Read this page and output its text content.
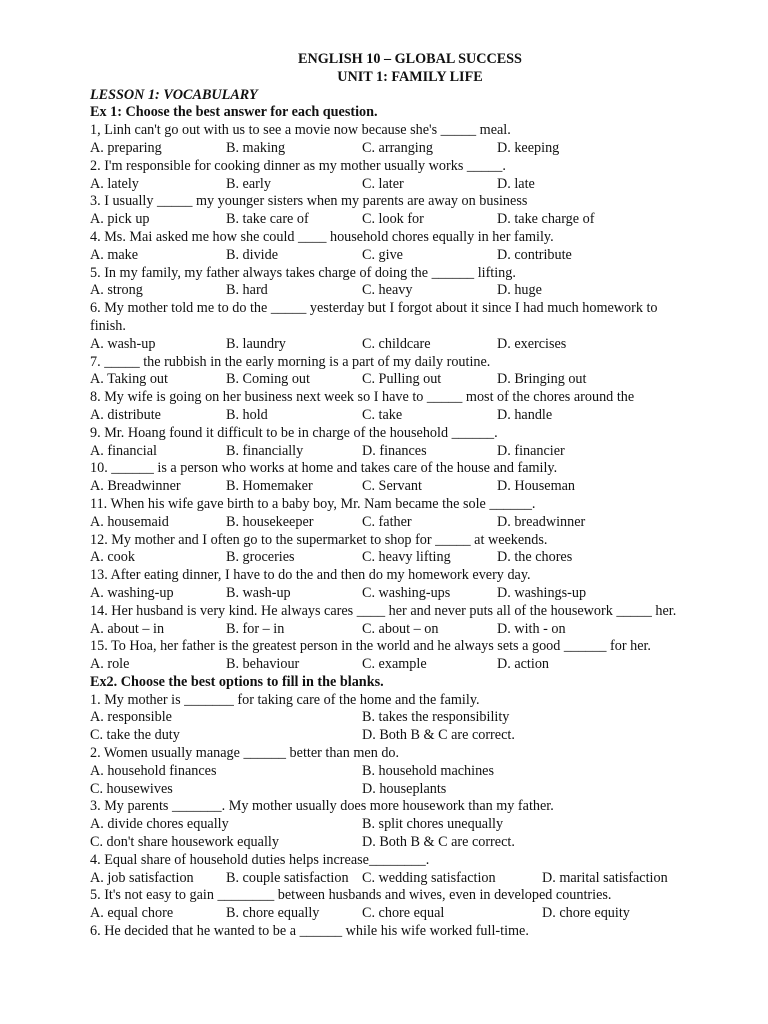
ENGLISH 10 – GLOBAL SUCCESS
UNIT 1: FAMILY LIFE
LESSON 1: VOCABULARY
Ex 1: Choose the best answer for each question.
1, Linh can't go out with us to see a movie now because she's _____ meal.
A. preparing	B. making	C. arranging	D. keeping
2. I'm responsible for cooking dinner as my mother usually works _____.
A. lately	B. early	C. later	D. late
3. I usually _____ my younger sisters when my parents are away on business
A. pick up	B. take care of	C. look for	D. take charge of
4. Ms. Mai asked me how she could ____ household chores equally in her family.
A. make	B. divide	C. give	D. contribute
5. In my family, my father always takes charge of doing the ______ lifting.
A. strong	B. hard	C. heavy	D. huge
6. My mother told me to do the _____ yesterday but I forgot about it since I had much homework to
finish.
A. wash-up	B. laundry	C. childcare	D. exercises
7. _____ the rubbish in the early morning is a part of my daily routine.
A. Taking out	B. Coming out	C. Pulling out	D. Bringing out
8. My wife is going on her business next week so I have to _____ most of the chores around the
A. distribute	B. hold	C. take	D. handle
9. Mr. Hoang found it difficult to be in charge of the household ______.
A. financial	B. financially	D. finances	D. financier
10. ______ is a person who works at home and takes care of the house and family.
A. Breadwinner	B. Homemaker	C. Servant	D. Houseman
11. When his wife gave birth to a baby boy, Mr. Nam became the sole ______.
A. housemaid	B. housekeeper	C. father	D. breadwinner
12. My mother and I often go to the supermarket to shop for _____ at weekends.
A. cook	B. groceries	C. heavy lifting	D. the chores
13. After eating dinner, I have to do the and then do my homework every day.
A. washing-up	B. wash-up	C. washing-ups	D. washings-up
14. Her husband is very kind. He always cares ____ her and never puts all of the housework _____ her.
A. about – in	B. for – in	C. about – on	D. with - on
15. To Hoa, her father is the greatest person in the world and he always sets a good ______ for her.
A. role	B. behaviour	C. example	D. action
Ex2. Choose the best options to fill in the blanks.
1. My mother is _______ for taking care of the home and the family.
A. responsible	B. takes the responsibility
C. take the duty	D. Both B & C are correct.
2. Women usually manage ______ better than men do.
A. household finances	B. household machines
C. housewives	D. houseplants
3. My parents _______. My mother usually does more housework than my father.
A. divide chores equally	B. split chores unequally
C. don't share housework equally	D. Both B & C are correct.
4. Equal share of household duties helps increase________.
A. job satisfaction B. couple satisfaction C. wedding satisfaction	D. marital satisfaction
5. It's not easy to gain ________ between husbands and wives, even in developed countries.
A. equal chore	B. chore equally	C. chore equal	D. chore equity
6. He decided that he wanted to be a ______ while his wife worked full-time.
